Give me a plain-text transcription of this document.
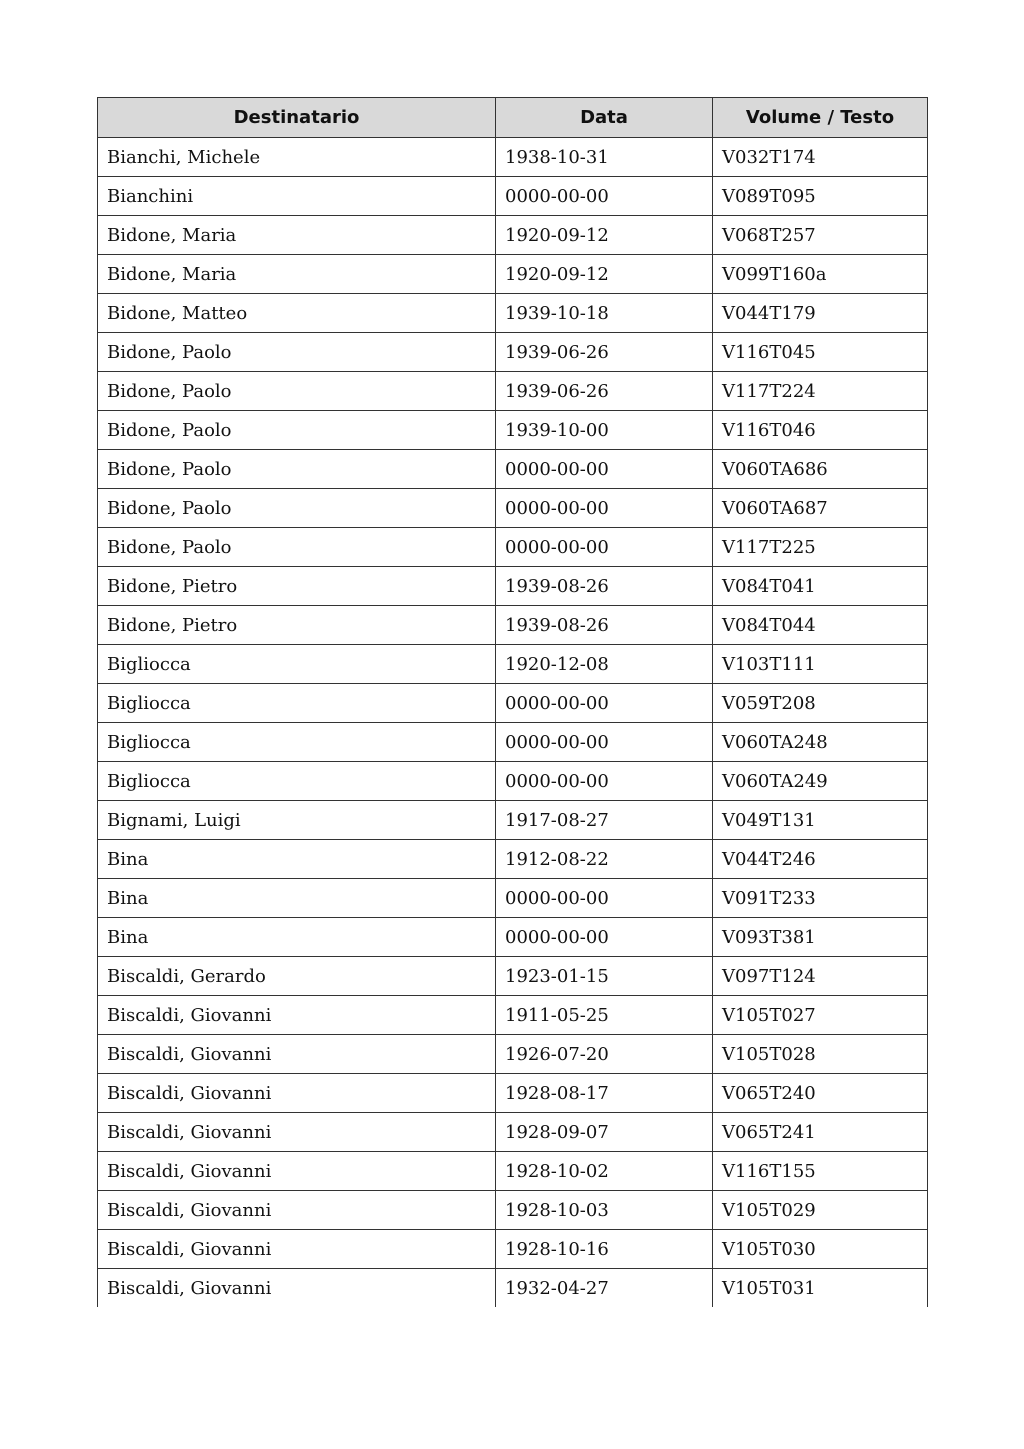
Destinatario	Data	Volume / Testo
Bianchi, Michele	1938-10-31	V032T174
Bianchini	0000-00-00	V089T095
Bidone, Maria	1920-09-12	V068T257
Bidone, Maria	1920-09-12	V099T160a
Bidone, Matteo	1939-10-18	V044T179
Bidone, Paolo	1939-06-26	V116T045
Bidone, Paolo	1939-06-26	V117T224
Bidone, Paolo	1939-10-00	V116T046
Bidone, Paolo	0000-00-00	V060TA686
Bidone, Paolo	0000-00-00	V060TA687
Bidone, Paolo	0000-00-00	V117T225
Bidone, Pietro	1939-08-26	V084T041
Bidone, Pietro	1939-08-26	V084T044
Bigliocca	1920-12-08	V103T111
Bigliocca	0000-00-00	V059T208
Bigliocca	0000-00-00	V060TA248
Bigliocca	0000-00-00	V060TA249
Bignami, Luigi	1917-08-27	V049T131
Bina	1912-08-22	V044T246
Bina	0000-00-00	V091T233
Bina	0000-00-00	V093T381
Biscaldi, Gerardo	1923-01-15	V097T124
Biscaldi, Giovanni	1911-05-25	V105T027
Biscaldi, Giovanni	1926-07-20	V105T028
Biscaldi, Giovanni	1928-08-17	V065T240
Biscaldi, Giovanni	1928-09-07	V065T241
Biscaldi, Giovanni	1928-10-02	V116T155
Biscaldi, Giovanni	1928-10-03	V105T029
Biscaldi, Giovanni	1928-10-16	V105T030
Biscaldi, Giovanni	1932-04-27	V105T031
